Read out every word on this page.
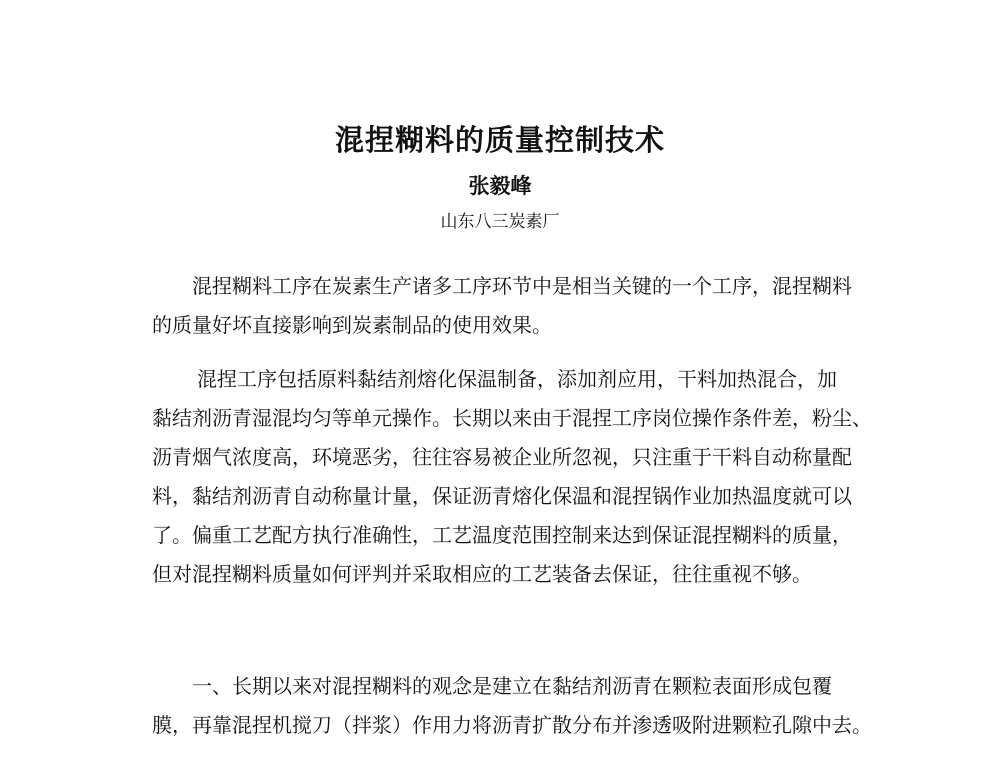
混捏糊料的质量控制技术
张毅峰
山东八三炭素厂

混捏糊料工序在炭素生产诸多工序环节中是相当关键的一个工序，混捏糊料
的质量好坏直接影响到炭素制品的使用效果。

混捏工序包括原料黏结剂熔化保温制备，添加剂应用，干料加热混合，加
黏结剂沥青湿混均匀等单元操作。长期以来由于混捏工序岗位操作条件差，粉尘、
沥青烟气浓度高，环境恶劣，往往容易被企业所忽视，只注重于干料自动称量配
料，黏结剂沥青自动称量计量，保证沥青熔化保温和混捏锅作业加热温度就可以
了。偏重工艺配方执行准确性，工艺温度范围控制来达到保证混捏糊料的质量，
但对混捏糊料质量如何评判并采取相应的工艺装备去保证，往往重视不够。

一、长期以来对混捏糊料的观念是建立在黏结剂沥青在颗粒表面形成包覆
膜，再靠混捏机搅刀（拌浆）作用力将沥青扩散分布并渗透吸附进颗粒孔隙中去。
